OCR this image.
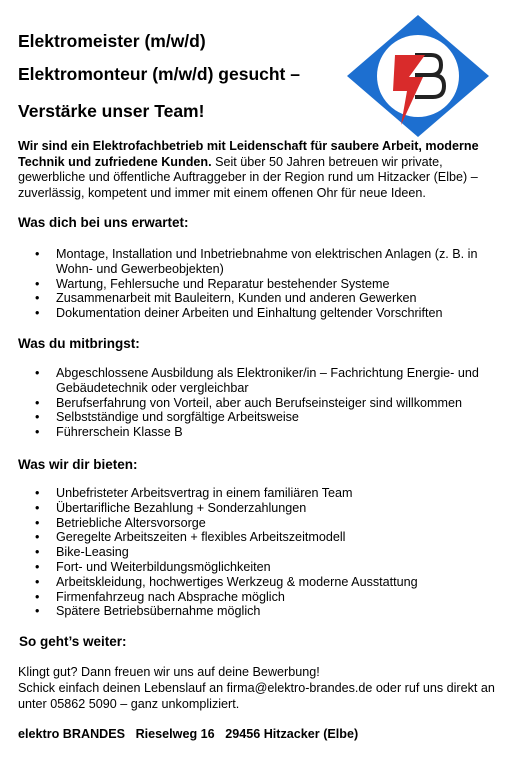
Elektromeister (m/w/d)
Elektromonteur (m/w/d) gesucht –
Verstärke unser Team!

Wir sind ein Elektrofachbetrieb mit Leidenschaft für saubere Arbeit, moderne Technik und zufriedene Kunden. Seit über 50 Jahren betreuen wir private, gewerbliche und öffentliche Auftraggeber in der Region rund um Hitzacker (Elbe) – zuverlässig, kompetent und immer mit einem offenen Ohr für neue Ideen.

Was dich bei uns erwartet:
• Montage, Installation und Inbetriebnahme von elektrischen Anlagen (z. B. in Wohn- und Gewerbeobjekten)
• Wartung, Fehlersuche und Reparatur bestehender Systeme
• Zusammenarbeit mit Bauleitern, Kunden und anderen Gewerken
• Dokumentation deiner Arbeiten und Einhaltung geltender Vorschriften
Was du mitbringst:
• Abgeschlossene Ausbildung als Elektroniker/in – Fachrichtung Energie- und Gebäudetechnik oder vergleichbar
• Berufserfahrung von Vorteil, aber auch Berufseinsteiger sind willkommen
• Selbstständige und sorgfältige Arbeitsweise
• Führerschein Klasse B
Was wir dir bieten:
• Unbefristeter Arbeitsvertrag in einem familiären Team
• Übertarifliche Bezahlung + Sonderzahlungen
• Betriebliche Altersvorsorge
• Geregelte Arbeitszeiten + flexibles Arbeitszeitmodell
• Bike-Leasing
• Fort- und Weiterbildungsmöglichkeiten
• Arbeitskleidung, hochwertiges Werkzeug & moderne Ausstattung
• Firmenfahrzeug nach Absprache möglich
• Spätere Betriebsübernahme möglich
So geht’s weiter:

Klingt gut? Dann freuen wir uns auf deine Bewerbung!

Schick einfach deinen Lebenslauf an firma@elektro-brandes.de oder ruf uns direkt an unter 05862 5090 – ganz unkompliziert.

elektro BRANDES Rieselweg 16 29456 Hitzacker (Elbe)
